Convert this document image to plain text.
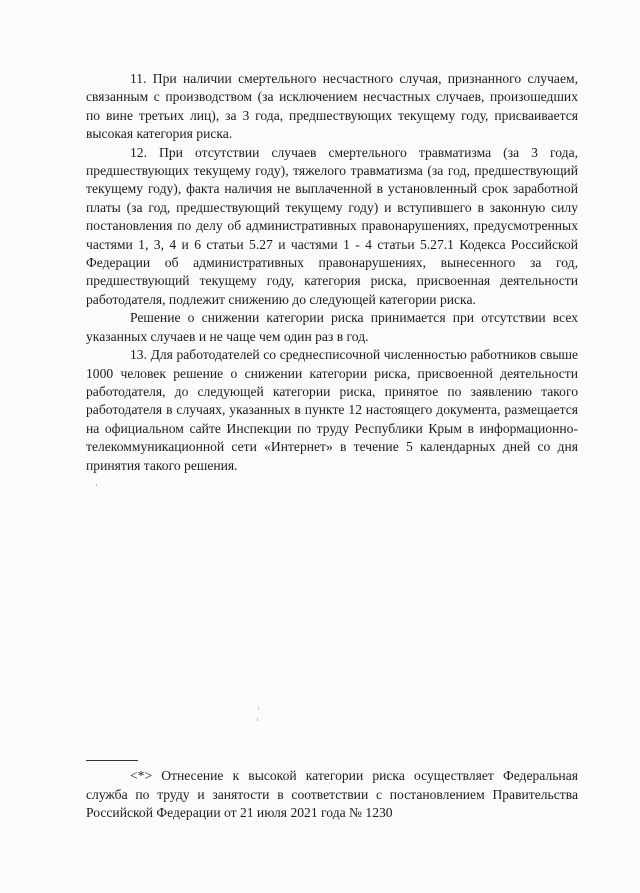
11. При наличии смертельного несчастного случая, признанного случаем, связанным с производством (за исключением несчастных случаев, произошедших по вине третьих лиц), за 3 года, предшествующих текущему году, присваивается высокая категория риска.

12. При отсутствии случаев смертельного травматизма (за 3 года, предшествующих текущему году), тяжелого травматизма (за год, предшествующий текущему году), факта наличия не выплаченной в установленный срок заработной платы (за год, предшествующий текущему году) и вступившего в законную силу постановления по делу об административных правонарушениях, предусмотренных частями 1, 3, 4 и 6 статьи 5.27 и частями 1 - 4 статьи 5.27.1 Кодекса Российской Федерации об административных правонарушениях, вынесенного за год, предшествующий текущему году, категория риска, присвоенная деятельности работодателя, подлежит снижению до следующей категории риска.

Решение о снижении категории риска принимается при отсутствии всех указанных случаев и не чаще чем один раз в год.

13. Для работодателей со среднесписочной численностью работников свыше 1000 человек решение о снижении категории риска, присвоенной деятельности работодателя, до следующей категории риска, принятое по заявлению такого работодателя в случаях, указанных в пункте 12 настоящего документа, размещается на официальном сайте Инспекции по труду Республики Крым в информационно-телекоммуникационной сети «Интернет» в течение 5 календарных дней со дня принятия такого решения.

<*> Отнесение к высокой категории риска осуществляет Федеральная служба по труду и занятости в соответствии с постановлением Правительства Российской Федерации от 21 июля 2021 года № 1230
